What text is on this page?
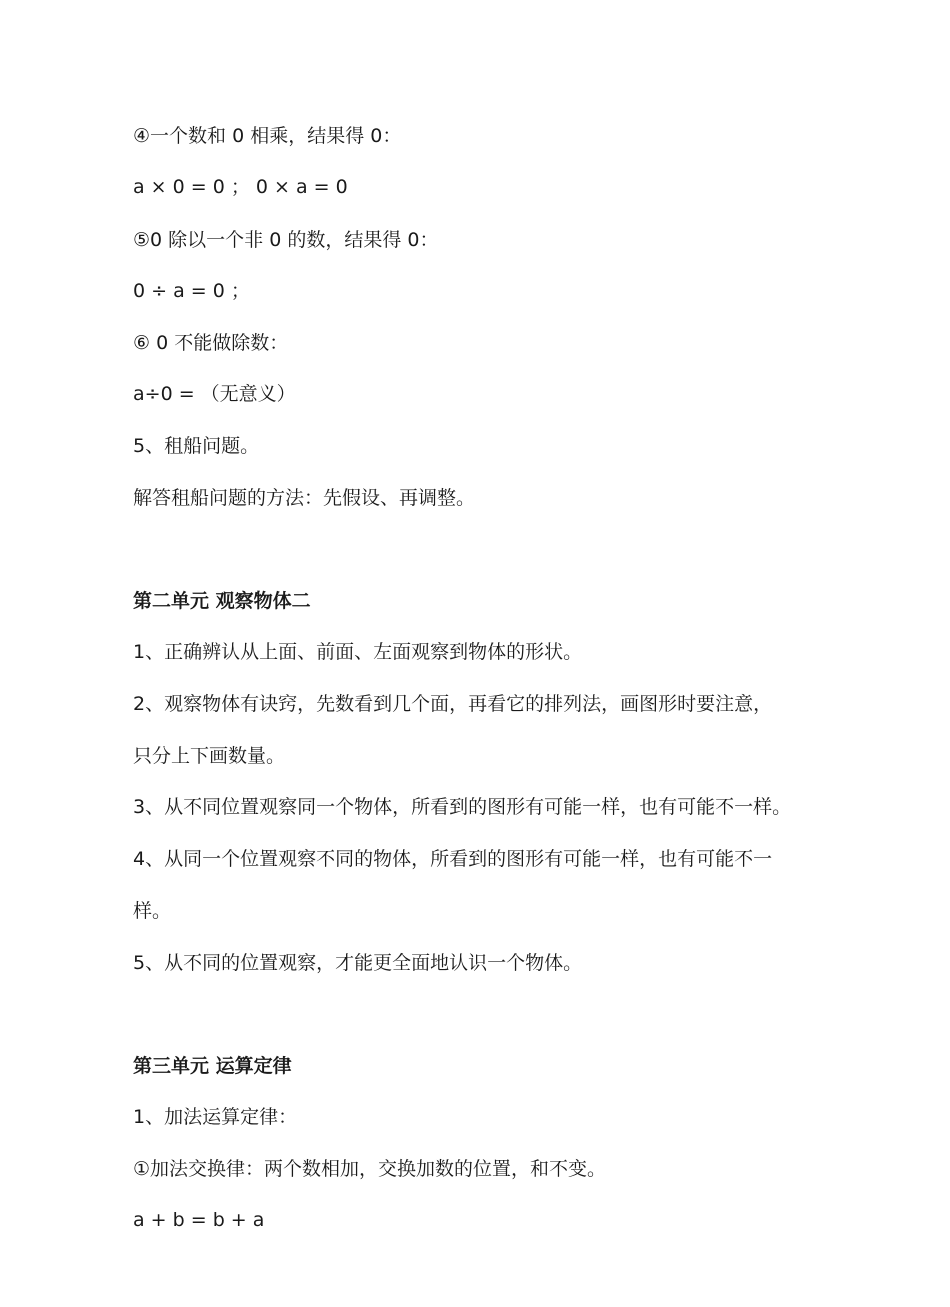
④一个数和 0 相乘，结果得 0：
a × 0 = 0 ； 0 × a = 0
⑤0 除以一个非 0 的数，结果得 0：
0 ÷ a = 0 ；
⑥ 0 不能做除数：
a÷0 = （无意义）
5、租船问题。
解答租船问题的方法：先假设、再调整。
第二单元 观察物体二
1、正确辨认从上面、前面、左面观察到物体的形状。
2、观察物体有诀窍，先数看到几个面，再看它的排列法，画图形时要注意，
只分上下画数量。
3、从不同位置观察同一个物体，所看到的图形有可能一样，也有可能不一样。
4、从同一个位置观察不同的物体，所看到的图形有可能一样，也有可能不一
样。
5、从不同的位置观察，才能更全面地认识一个物体。
第三单元 运算定律
1、加法运算定律：
①加法交换律：两个数相加，交换加数的位置，和不变。
a + b = b + a
